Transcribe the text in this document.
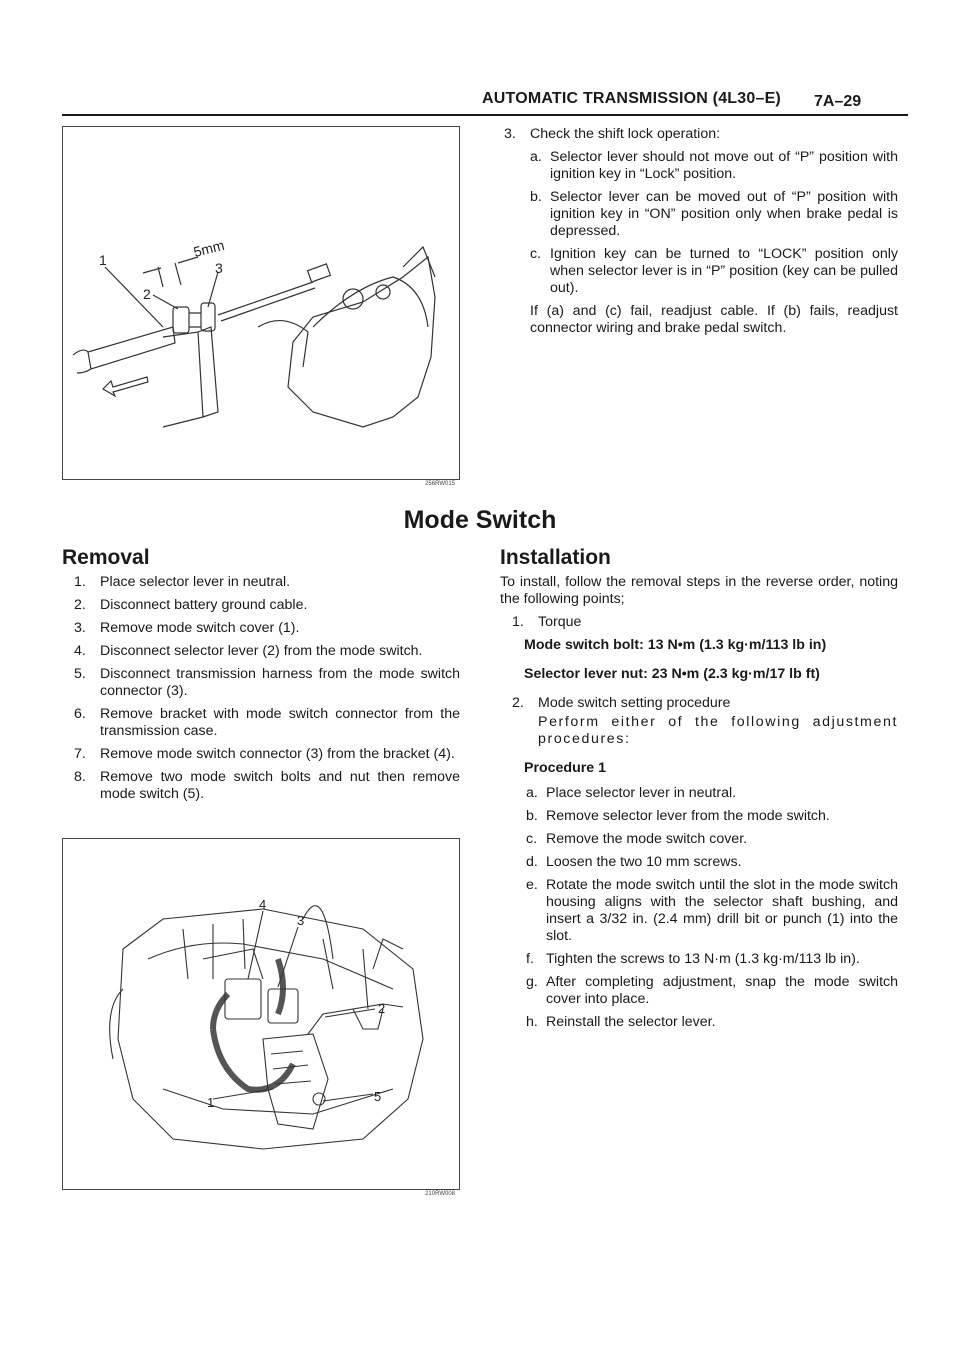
AUTOMATIC TRANSMISSION (4L30–E) 7A–29
1
2
3
5mm
256RW015
3. Check the shift lock operation:
a. Selector lever should not move out of “P” position with ignition key in “Lock” position.
b. Selector lever can be moved out of “P” position with ignition key in “ON” position only when brake pedal is depressed.
c. Ignition key can be turned to “LOCK” position only when selector lever is in “P” position (key can be pulled out).

If (a) and (c) fail, readjust cable. If (b) fails, readjust connector wiring and brake pedal switch.

Mode Switch
Removal
1. Place selector lever in neutral.
2. Disconnect battery ground cable.
3. Remove mode switch cover (1).
4. Disconnect selector lever (2) from the mode switch.
5. Disconnect transmission harness from the mode switch connector (3).
6. Remove bracket with mode switch connector from the transmission case.
7. Remove mode switch connector (3) from the bracket (4).
8. Remove two mode switch bolts and nut then remove mode switch (5).
4
3
2
5
1
210RW008
Installation

To install, follow the removal steps in the reverse order, noting the following points;

1. Torque

Mode switch bolt: 13 N•m (1.3 kg·m/113 lb in)

Selector lever nut: 23 N•m (2.3 kg·m/17 lb ft)

2. Mode switch setting procedure

Perform either of the following adjustment procedures:

Procedure 1

a. Place selector lever in neutral.
b. Remove selector lever from the mode switch.
c. Remove the mode switch cover.
d. Loosen the two 10 mm screws.
e. Rotate the mode switch until the slot in the mode switch housing aligns with the selector shaft bushing, and insert a 3/32 in. (2.4 mm) drill bit or punch (1) into the slot.
f. Tighten the screws to 13 N·m (1.3 kg·m/113 lb in).
g. After completing adjustment, snap the mode switch cover into place.
h. Reinstall the selector lever.
